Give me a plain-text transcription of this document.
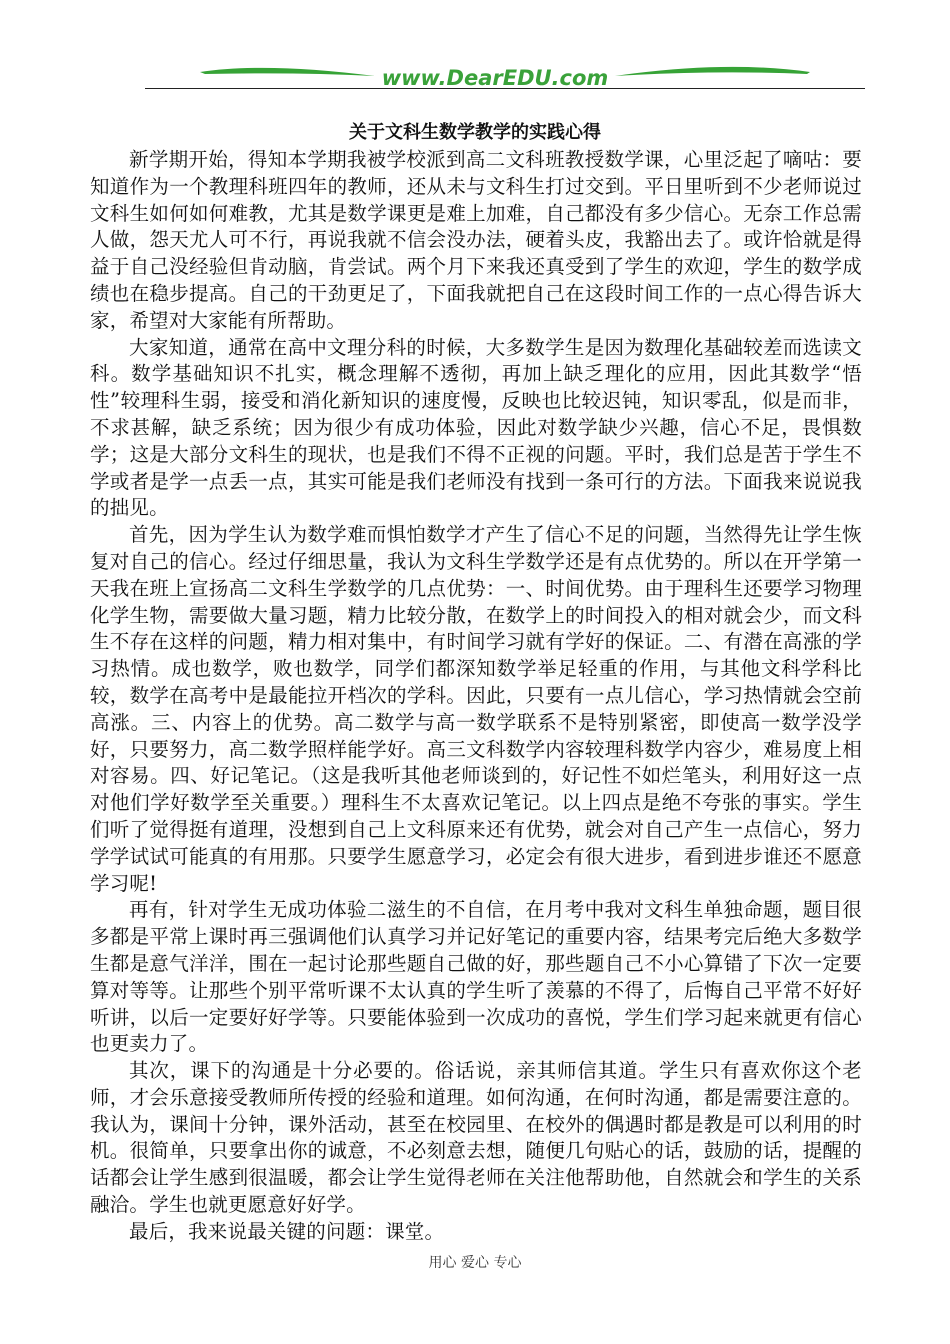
www.DearEDU.com
关于文科生数学教学的实践心得

新学期开始，得知本学期我被学校派到高二文科班教授数学课，心里泛起了嘀咕：要知道作为一个教理科班四年的教师，还从未与文科生打过交到。平日里听到不少老师说过文科生如何如何难教，尤其是数学课更是难上加难，自己都没有多少信心。无奈工作总需人做，怨天尤人可不行，再说我就不信会没办法，硬着头皮，我豁出去了。或许恰就是得益于自己没经验但肯动脑，肯尝试。两个月下来我还真受到了学生的欢迎，学生的数学成绩也在稳步提高。自己的干劲更足了，下面我就把自己在这段时间工作的一点心得告诉大家，希望对大家能有所帮助。

大家知道，通常在高中文理分科的时候，大多数学生是因为数理化基础较差而选读文科。数学基础知识不扎实，概念理解不透彻，再加上缺乏理化的应用，因此其数学“悟性”较理科生弱，接受和消化新知识的速度慢，反映也比较迟钝，知识零乱，似是而非，不求甚解，缺乏系统；因为很少有成功体验，因此对数学缺少兴趣，信心不足，畏惧数学；这是大部分文科生的现状，也是我们不得不正视的问题。平时，我们总是苦于学生不学或者是学一点丢一点，其实可能是我们老师没有找到一条可行的方法。下面我来说说我的拙见。

首先，因为学生认为数学难而惧怕数学才产生了信心不足的问题，当然得先让学生恢复对自己的信心。经过仔细思量，我认为文科生学数学还是有点优势的。所以在开学第一天我在班上宣扬高二文科生学数学的几点优势：一、时间优势。由于理科生还要学习物理化学生物，需要做大量习题，精力比较分散，在数学上的时间投入的相对就会少，而文科生不存在这样的问题，精力相对集中，有时间学习就有学好的保证。二、有潜在高涨的学习热情。成也数学，败也数学，同学们都深知数学举足轻重的作用，与其他文科学科比较，数学在高考中是最能拉开档次的学科。因此，只要有一点儿信心，学习热情就会空前高涨。三、内容上的优势。高二数学与高一数学联系不是特别紧密，即使高一数学没学好，只要努力，高二数学照样能学好。高三文科数学内容较理科数学内容少，难易度上相对容易。四、好记笔记。（这是我听其他老师谈到的，好记性不如烂笔头，利用好这一点对他们学好数学至关重要。）理科生不太喜欢记笔记。以上四点是绝不夸张的事实。学生们听了觉得挺有道理，没想到自己上文科原来还有优势，就会对自己产生一点信心，努力学学试试可能真的有用那。只要学生愿意学习，必定会有很大进步，看到进步谁还不愿意学习呢!

再有，针对学生无成功体验二滋生的不自信，在月考中我对文科生单独命题，题目很多都是平常上课时再三强调他们认真学习并记好笔记的重要内容，结果考完后绝大多数学生都是意气洋洋，围在一起讨论那些题自己做的好，那些题自己不小心算错了下次一定要算对等等。让那些个别平常听课不太认真的学生听了羡慕的不得了，后悔自己平常不好好听讲，以后一定要好好学等。只要能体验到一次成功的喜悦，学生们学习起来就更有信心也更卖力了。

其次，课下的沟通是十分必要的。俗话说，亲其师信其道。学生只有喜欢你这个老师，才会乐意接受教师所传授的经验和道理。如何沟通，在何时沟通，都是需要注意的。我认为，课间十分钟，课外活动，甚至在校园里、在校外的偶遇时都是教是可以利用的时机。很简单，只要拿出你的诚意，不必刻意去想，随便几句贴心的话，鼓励的话，提醒的话都会让学生感到很温暖，都会让学生觉得老师在关注他帮助他，自然就会和学生的关系融洽。学生也就更愿意好好学。

最后，我来说最关键的问题：课堂。

用心 爱心 专心
